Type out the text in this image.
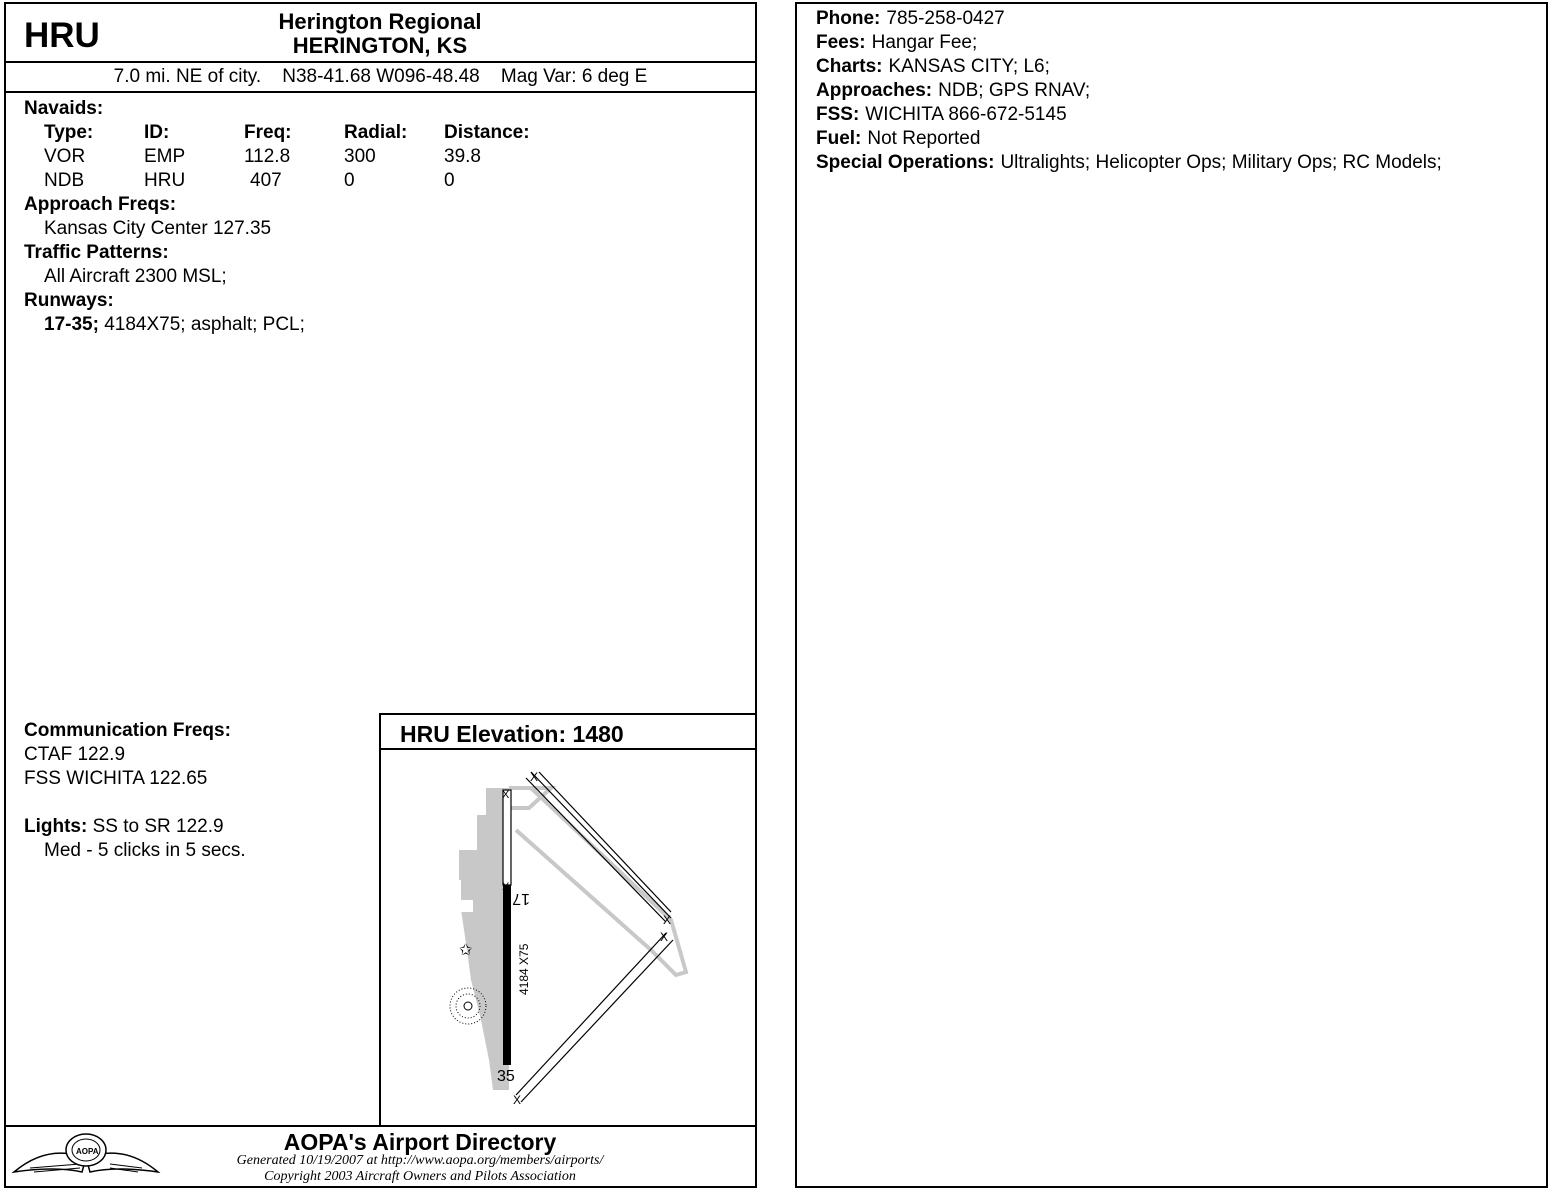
HRU	Herington Regional
HERINGTON, KS
7.0 mi. NE of city.    N38-41.68 W096-48.48    Mag Var: 6 deg E
Navaids:
Type:	ID:	Freq:	Radial: Distance:
VOR	EMP	112.8	300	39.8
NDB	HRU	407	0	0
Approach Freqs:
Kansas City Center 127.35
Traffic Patterns:
All Aircraft 2300 MSL;
Runways:
17-35; 4184X75; asphalt; PCL;
Communication Freqs:
CTAF 122.9
FSS WICHITA 122.65
Lights: SS to SR 122.9
Med - 5 clicks in 5 secs.
HRU Elevation: 1480
X
X
X
X
X
X
17
35
4184 X75
✩
AOPA	AOPA's Airport Directory
Generated 10/19/2007 at http://www.aopa.org/members/airports/
Copyright 2003 Aircraft Owners and Pilots Association
Phone: 785-258-0427
Fees: Hangar Fee;
Charts: KANSAS CITY; L6;
Approaches: NDB; GPS RNAV;
FSS: WICHITA 866-672-5145
Fuel: Not Reported
Special Operations: Ultralights; Helicopter Ops; Military Ops; RC Models;
